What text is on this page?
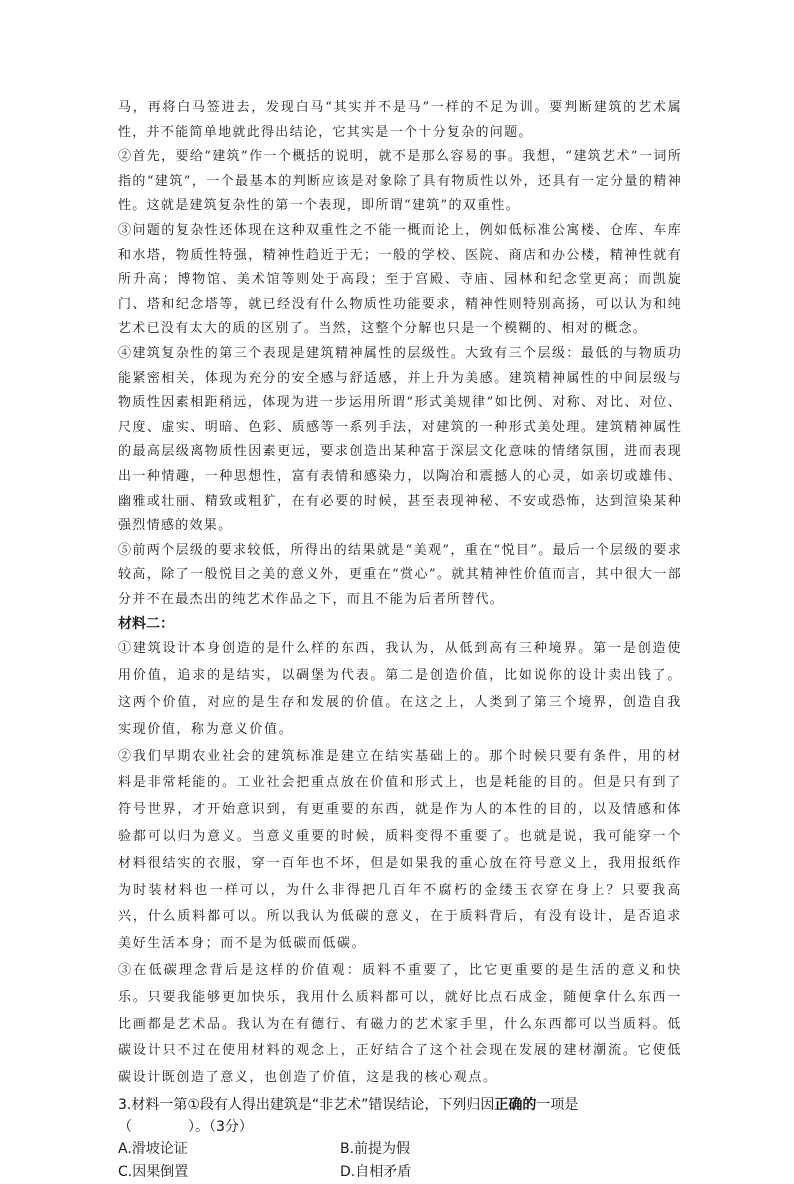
马，再将白马签进去，发现白马“其实并不是马”一样的不足为训。要判断建筑的艺术属性，并不能简单地就此得出结论，它其实是一个十分复杂的问题。

②首先，要给“建筑”作一个概括的说明，就不是那么容易的事。我想，“建筑艺术”一词所指的“建筑”，一个最基本的判断应该是对象除了具有物质性以外，还具有一定分量的精神性。这就是建筑复杂性的第一个表现，即所谓“建筑”的双重性。

③问题的复杂性还体现在这种双重性之不能一概而论上，例如低标准公寓楼、仓库、车库和水塔，物质性特强，精神性趋近于无；一般的学校、医院、商店和办公楼，精神性就有所升高；博物馆、美术馆等则处于高段；至于宫殿、寺庙、园林和纪念堂更高；而凯旋门、塔和纪念塔等，就已经没有什么物质性功能要求，精神性则特别高扬，可以认为和纯艺术已没有太大的质的区别了。当然，这整个分解也只是一个模糊的、相对的概念。

④建筑复杂性的第三个表现是建筑精神属性的层级性。大致有三个层级：最低的与物质功能紧密相关，体现为充分的安全感与舒适感，并上升为美感。建筑精神属性的中间层级与物质性因素相距稍远，体现为进一步运用所谓“形式美规律”如比例、对称、对比、对位、尺度、虚实、明暗、色彩、质感等一系列手法，对建筑的一种形式美处理。建筑精神属性的最高层级离物质性因素更远，要求创造出某种富于深层文化意味的情绪氛围，进而表现出一种情趣，一种思想性，富有表情和感染力，以陶冶和震撼人的心灵，如亲切或雄伟、幽雅或壮丽、精致或粗犷，在有必要的时候，甚至表现神秘、不安或恐怖，达到渲染某种强烈情感的效果。

⑤前两个层级的要求较低，所得出的结果就是“美观”，重在“悦目”。最后一个层级的要求较高，除了一般悦目之美的意义外，更重在“赏心”。就其精神性价值而言，其中很大一部分并不在最杰出的纯艺术作品之下，而且不能为后者所替代。

材料二：

①建筑设计本身创造的是什么样的东西，我认为，从低到高有三种境界。第一是创造使用价值，追求的是结实，以碉堡为代表。第二是创造价值，比如说你的设计卖出钱了。这两个价值，对应的是生存和发展的价值。在这之上，人类到了第三个境界，创造自我实现价值，称为意义价值。

②我们早期农业社会的建筑标准是建立在结实基础上的。那个时候只要有条件，用的材料是非常耗能的。工业社会把重点放在价值和形式上，也是耗能的目的。但是只有到了符号世界，才开始意识到，有更重要的东西，就是作为人的本性的目的，以及情感和体验都可以归为意义。当意义重要的时候，质料变得不重要了。也就是说，我可能穿一个材料很结实的衣服，穿一百年也不坏，但是如果我的重心放在符号意义上，我用报纸作为时装材料也一样可以，为什么非得把几百年不腐朽的金缕玉衣穿在身上？只要我高兴，什么质料都可以。所以我认为低碳的意义，在于质料背后，有没有设计，是否追求美好生活本身；而不是为低碳而低碳。

③在低碳理念背后是这样的价值观：质料不重要了，比它更重要的是生活的意义和快乐。只要我能够更加快乐，我用什么质料都可以，就好比点石成金，随便拿什么东西一比画都是艺术品。我认为在有德行、有磁力的艺术家手里，什么东西都可以当质料。低碳设计只不过在使用材料的观念上，正好结合了这个社会现在发展的建材潮流。它使低碳设计既创造了意义，也创造了价值，这是我的核心观点。

3.材料一第①段有人得出建筑是“非艺术”错误结论，下列归因正确的一项是
（　　　　）。（3分）
A.滑坡论证	B.前提为假
C.因果倒置	D.自相矛盾
